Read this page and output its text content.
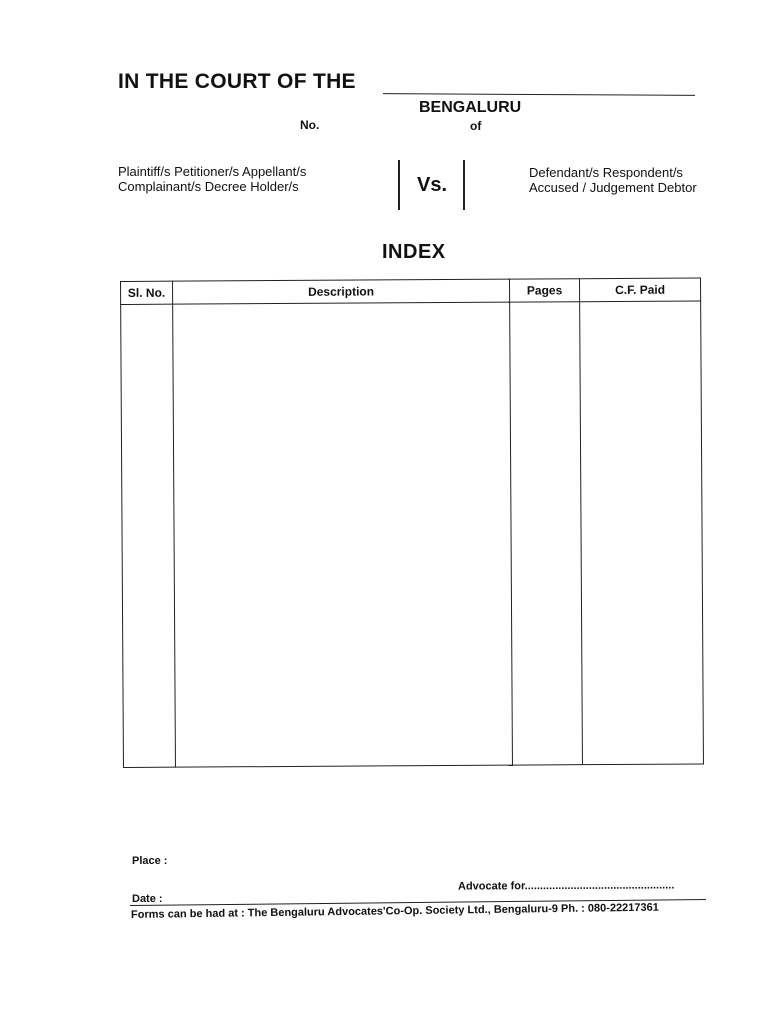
IN THE COURT OF THE
BENGALURU
No.	of
Plaintiff/s Petitioner/s Appellant/s
Complainant/s Decree Holder/s	Vs.
Defendant/s Respondent/s
Accused / Judgement Debtor
INDEX
Sl. No.	Description	Pages	C.F. Paid

Place :
Advocate for.................................................
Date :
Forms can be had at : The Bengaluru Advocates'Co-Op. Society Ltd., Bengaluru-9 Ph. : 080-22217361
